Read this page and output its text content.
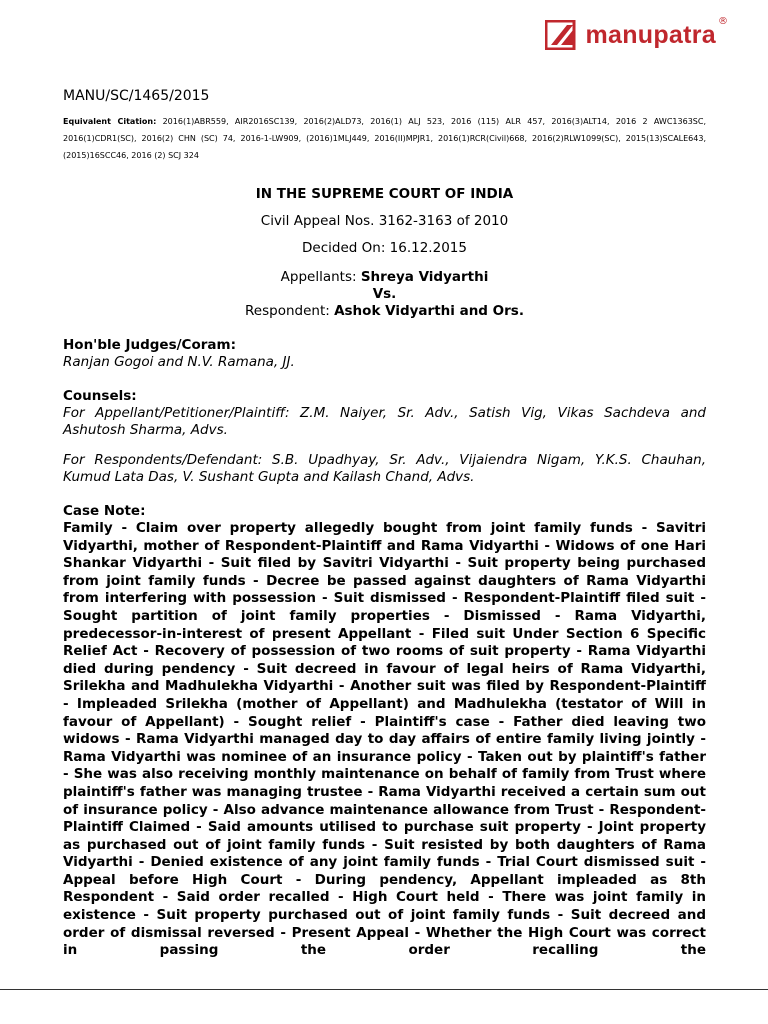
manupatra ®

MANU/SC/1465/2015

Equivalent Citation: 2016(1)ABR559, AIR2016SC139, 2016(2)ALD73, 2016(1) ALJ 523, 2016 (115) ALR 457, 2016(3)ALT14, 2016 2 AWC1363SC, 2016(1)CDR1(SC), 2016(2) CHN (SC) 74, 2016-1-LW909, (2016)1MLJ449, 2016(II)MPJR1, 2016(1)RCR(Civil)668, 2016(2)RLW1099(SC), 2015(13)SCALE643, (2015)16SCC46, 2016 (2) SCJ 324

IN THE SUPREME COURT OF INDIA
Civil Appeal Nos. 3162-3163 of 2010
Decided On: 16.12.2015
Appellants: Shreya Vidyarthi
Vs.
Respondent: Ashok Vidyarthi and Ors.
Hon'ble Judges/Coram:
Ranjan Gogoi and N.V. Ramana, JJ.
Counsels:
For Appellant/Petitioner/Plaintiff: Z.M. Naiyer, Sr. Adv., Satish Vig, Vikas Sachdeva and Ashutosh Sharma, Advs.
For Respondents/Defendant: S.B. Upadhyay, Sr. Adv., Vijaiendra Nigam, Y.K.S. Chauhan, Kumud Lata Das, V. Sushant Gupta and Kailash Chand, Advs.
Case Note:
Family - Claim over property allegedly bought from joint family funds - Savitri Vidyarthi, mother of Respondent-Plaintiff and Rama Vidyarthi - Widows of one Hari Shankar Vidyarthi - Suit filed by Savitri Vidyarthi - Suit property being purchased from joint family funds - Decree be passed against daughters of Rama Vidyarthi from interfering with possession - Suit dismissed - Respondent-Plaintiff filed suit - Sought partition of joint family properties - Dismissed - Rama Vidyarthi, predecessor-in-interest of present Appellant - Filed suit Under Section 6 Specific Relief Act - Recovery of possession of two rooms of suit property - Rama Vidyarthi died during pendency - Suit decreed in favour of legal heirs of Rama Vidyarthi, Srilekha and Madhulekha Vidyarthi - Another suit was filed by Respondent-Plaintiff - Impleaded Srilekha (mother of Appellant) and Madhulekha (testator of Will in favour of Appellant) - Sought relief - Plaintiff's case - Father died leaving two widows - Rama Vidyarthi managed day to day affairs of entire family living jointly - Rama Vidyarthi was nominee of an insurance policy - Taken out by plaintiff's father - She was also receiving monthly maintenance on behalf of family from Trust where plaintiff's father was managing trustee - Rama Vidyarthi received a certain sum out of insurance policy - Also advance maintenance allowance from Trust - Respondent-Plaintiff Claimed - Said amounts utilised to purchase suit property - Joint property as purchased out of joint family funds - Suit resisted by both daughters of Rama Vidyarthi - Denied existence of any joint family funds - Trial Court dismissed suit - Appeal before High Court - During pendency, Appellant impleaded as 8th Respondent - Said order recalled - High Court held - There was joint family in existence - Suit property purchased out of joint family funds - Suit decreed and order of dismissal reversed - Present Appeal - Whether the High Court was correct in passing the order recalling the
